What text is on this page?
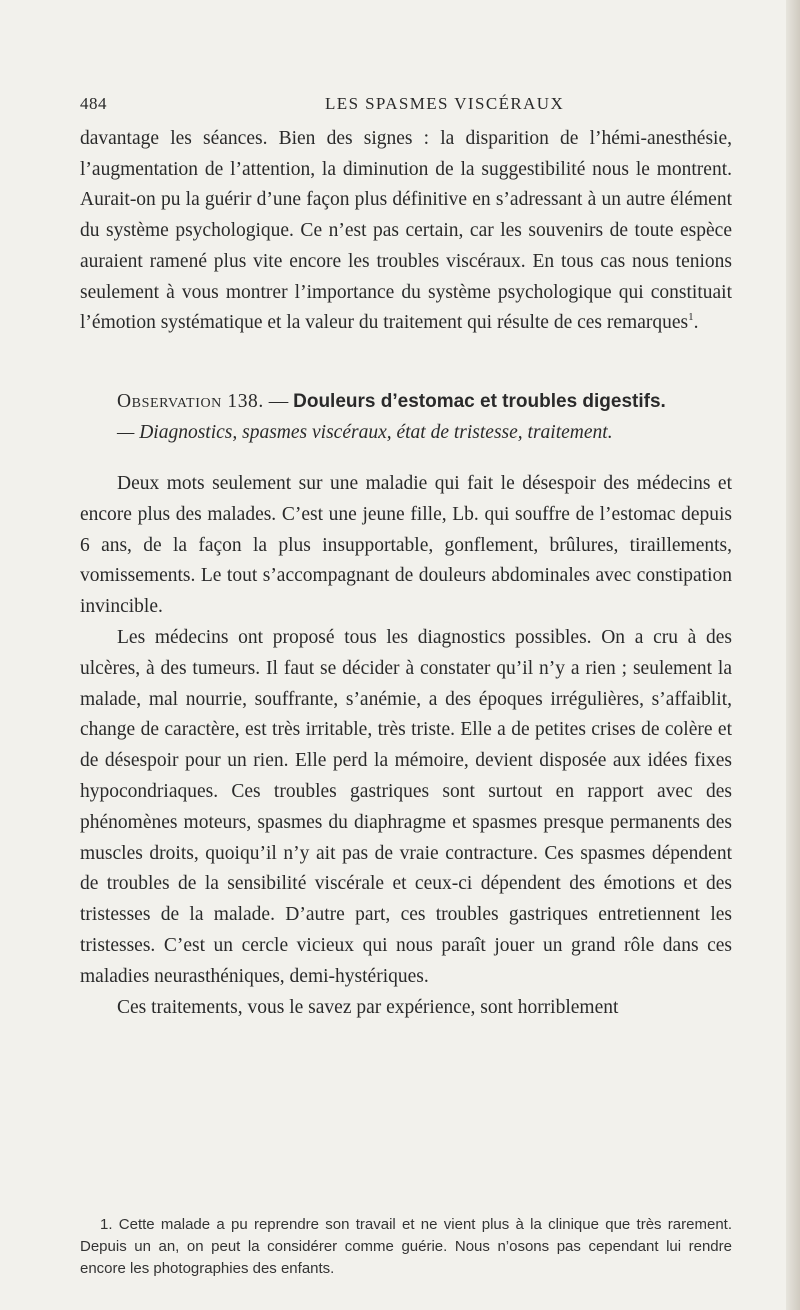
484	LES SPASMES VISCÉRAUX

davantage les séances. Bien des signes : la disparition de l’hémi-anesthésie, l’augmentation de l’attention, la diminution de la suggestibilité nous le montrent. Aurait-on pu la guérir d’une façon plus définitive en s’adressant à un autre élément du système psychologique. Ce n’est pas certain, car les souvenirs de toute espèce auraient ramené plus vite encore les troubles viscéraux. En tous cas nous tenions seulement à vous montrer l’importance du système psychologique qui constituait l’émotion systématique et la valeur du traitement qui résulte de ces remarques$^1$.

Observation 138. — Douleurs d’estomac et troubles digestifs.

— Diagnostics, spasmes viscéraux, état de tristesse, traitement.

Deux mots seulement sur une maladie qui fait le désespoir des médecins et encore plus des malades. C’est une jeune fille, Lb. qui souffre de l’estomac depuis 6 ans, de la façon la plus insupportable, gonflement, brûlures, tiraillements, vomissements. Le tout s’accompagnant de douleurs abdominales avec constipation invincible.

Les médecins ont proposé tous les diagnostics possibles. On a cru à des ulcères, à des tumeurs. Il faut se décider à constater qu’il n’y a rien ; seulement la malade, mal nourrie, souffrante, s’anémie, a des époques irrégulières, s’affaiblit, change de caractère, est très irritable, très triste. Elle a de petites crises de colère et de désespoir pour un rien. Elle perd la mémoire, devient disposée aux idées fixes hypocondriaques. Ces troubles gastriques sont surtout en rapport avec des phénomènes moteurs, spasmes du diaphragme et spasmes presque permanents des muscles droits, quoiqu’il n’y ait pas de vraie contracture. Ces spasmes dépendent de troubles de la sensibilité viscérale et ceux-ci dépendent des émotions et des tristesses de la malade. D’autre part, ces troubles gastriques entretiennent les tristesses. C’est un cercle vicieux qui nous paraît jouer un grand rôle dans ces maladies neurasthéniques, demi-hystériques.

Ces traitements, vous le savez par expérience, sont horriblement

1. Cette malade a pu reprendre son travail et ne vient plus à la clinique que très rarement. Depuis un an, on peut la considérer comme guérie. Nous n’osons pas cependant lui rendre encore les photographies des enfants.
